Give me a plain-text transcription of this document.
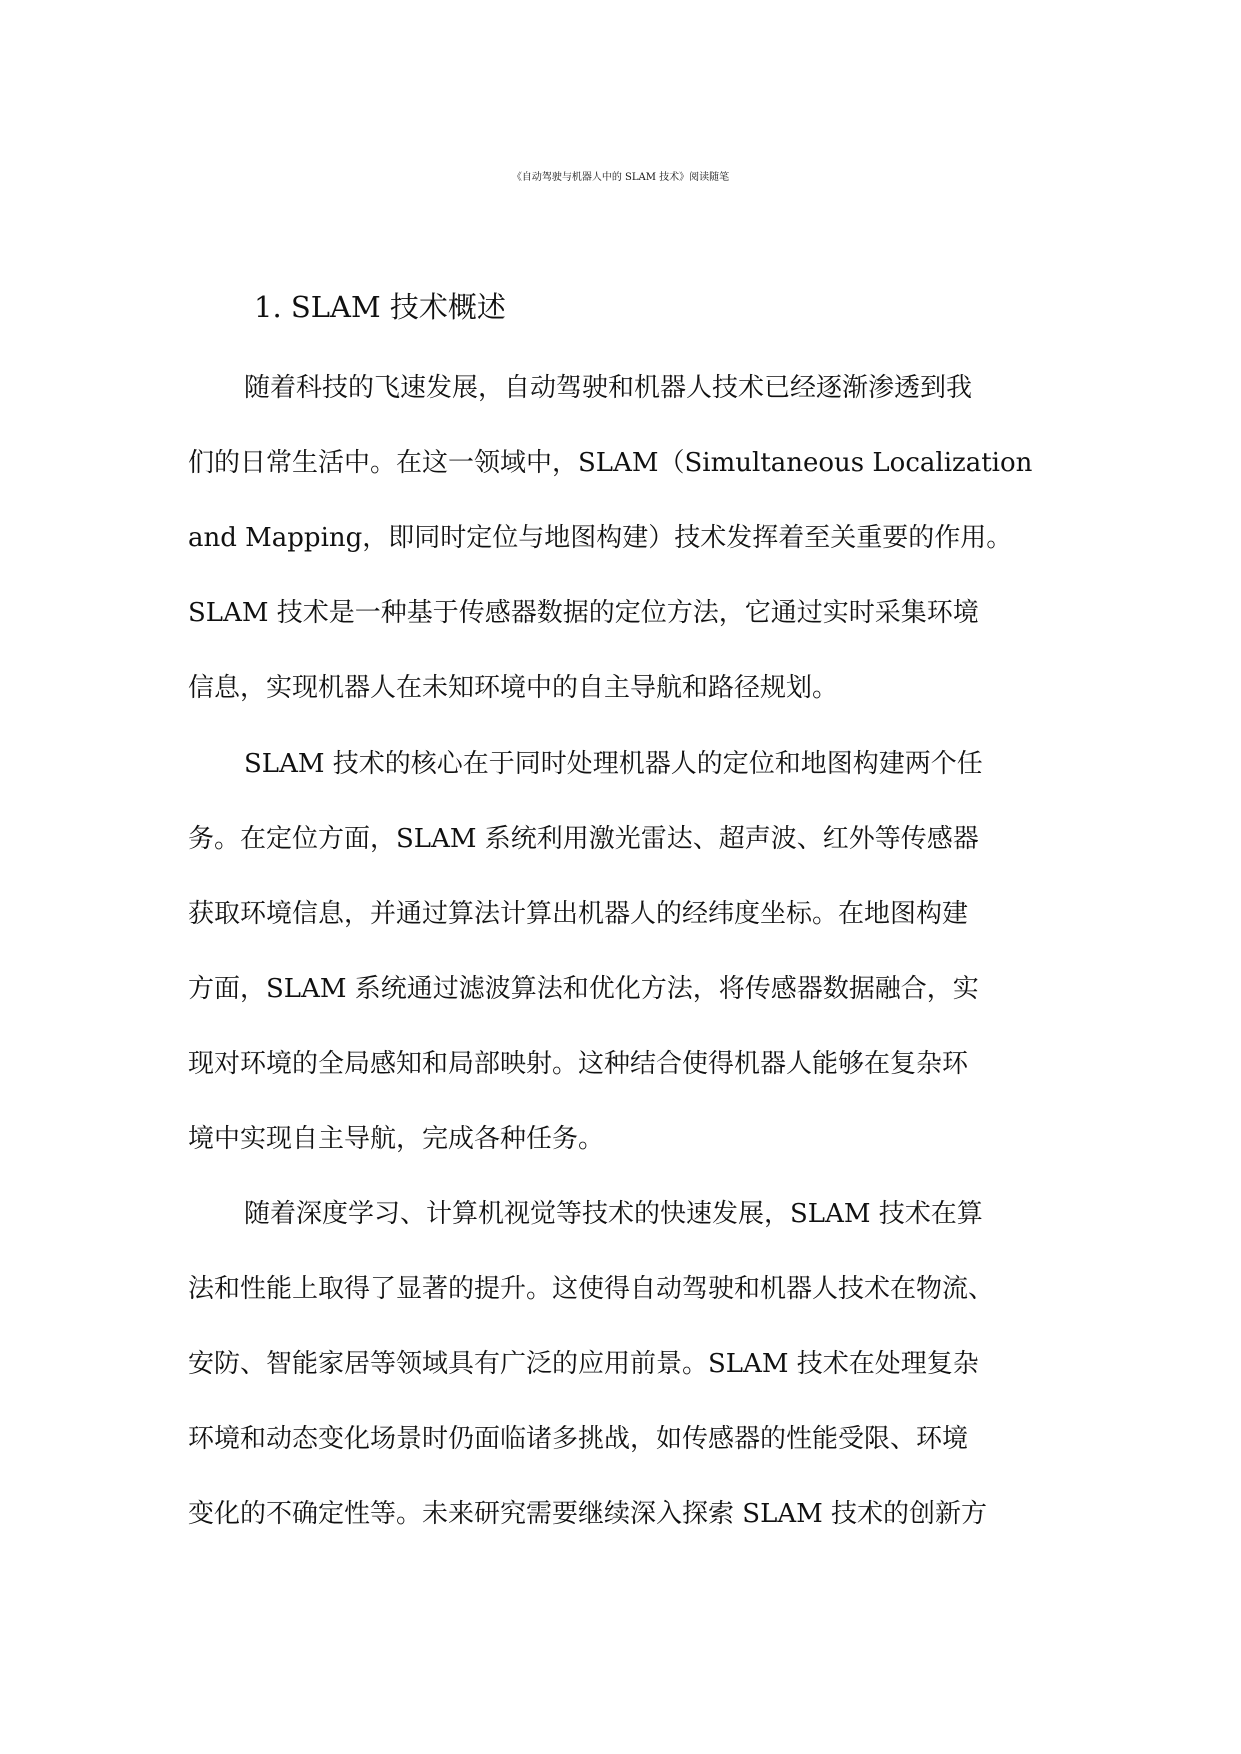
《自动驾驶与机器人中的 SLAM 技术》阅读随笔
1. SLAM 技术概述

随着科技的飞速发展，自动驾驶和机器人技术已经逐渐渗透到我

们的日常生活中。在这一领域中，SLAM（Simultaneous Localization

and Mapping，即同时定位与地图构建）技术发挥着至关重要的作用。

SLAM 技术是一种基于传感器数据的定位方法，它通过实时采集环境

信息，实现机器人在未知环境中的自主导航和路径规划。

SLAM 技术的核心在于同时处理机器人的定位和地图构建两个任

务。在定位方面，SLAM 系统利用激光雷达、超声波、红外等传感器

获取环境信息，并通过算法计算出机器人的经纬度坐标。在地图构建

方面，SLAM 系统通过滤波算法和优化方法，将传感器数据融合，实

现对环境的全局感知和局部映射。这种结合使得机器人能够在复杂环

境中实现自主导航，完成各种任务。

随着深度学习、计算机视觉等技术的快速发展，SLAM 技术在算

法和性能上取得了显著的提升。这使得自动驾驶和机器人技术在物流、

安防、智能家居等领域具有广泛的应用前景。SLAM 技术在处理复杂

环境和动态变化场景时仍面临诸多挑战，如传感器的性能受限、环境

变化的不确定性等。未来研究需要继续深入探索 SLAM 技术的创新方
